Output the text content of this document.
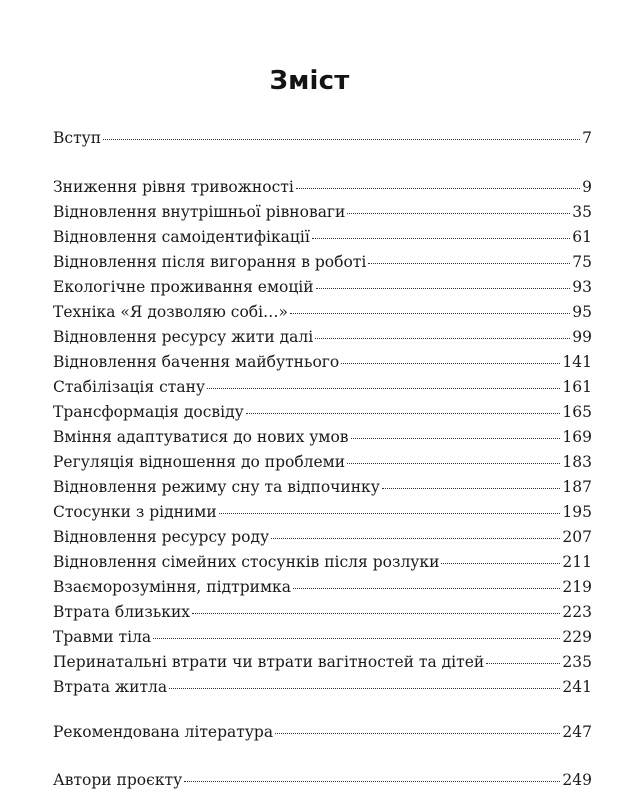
Зміст
Вступ	7
Зниження рівня тривожності	9
Відновлення внутрішньої рівноваги	35
Відновлення самоідентифікації	61
Відновлення після вигорання в роботі	75
Екологічне проживання емоцій	93
Техніка «Я дозволяю собі…»	95
Відновлення ресурсу жити далі	99
Відновлення бачення майбутнього	141
Стабілізація стану	161
Трансформація досвіду	165
Вміння адаптуватися до нових умов	169
Регуляція відношення до проблеми	183
Відновлення режиму сну та відпочинку	187
Стосунки з рідними	195
Відновлення ресурсу роду	207
Відновлення сімейних стосунків після розлуки	211
Взаєморозуміння, підтримка	219
Втрата близьких	223
Травми тіла	229
Перинатальні втрати чи втрати вагітностей та дітей	235
Втрата житла	241
Рекомендована література	247
Автори проєкту	249
